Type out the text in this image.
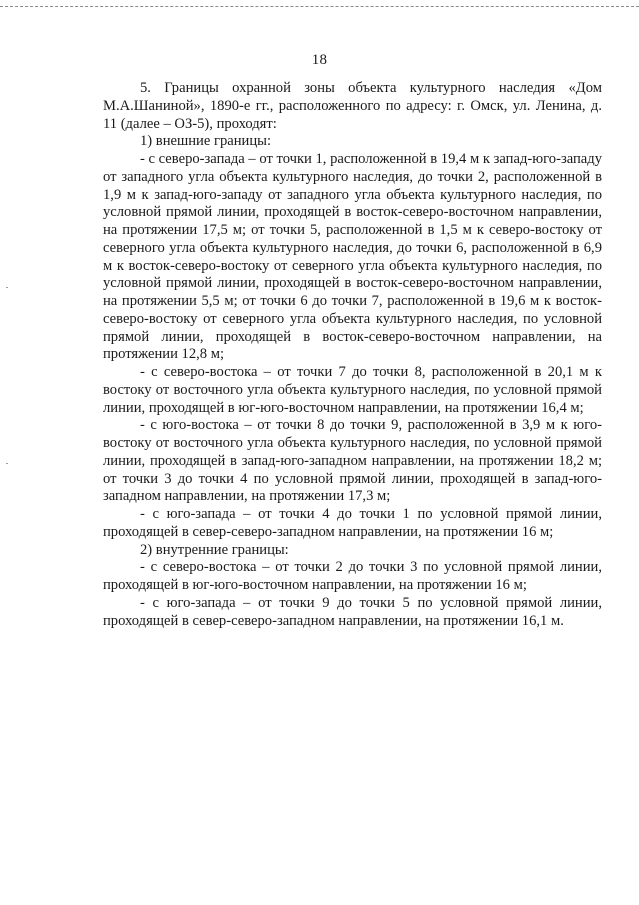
18

5. Границы охранной зоны объекта культурного наследия «Дом М.А.Шаниной», 1890-е гг., расположенного по адресу: г. Омск, ул. Ленина, д. 11 (далее – ОЗ-5), проходят:

1) внешние границы:

- с северо-запада – от точки 1, расположенной в 19,4 м к запад-юго-западу от западного угла объекта культурного наследия, до точки 2, расположенной в 1,9 м к запад-юго-западу от западного угла объекта культурного наследия, по условной прямой линии, проходящей в восток-северо-восточном направлении, на протяжении 17,5 м; от точки 5, расположенной в 1,5 м к северо-востоку от северного угла объекта культурного наследия, до точки 6, расположенной в 6,9 м к восток-северо-востоку от северного угла объекта культурного наследия, по условной прямой линии, проходящей в восток-северо-восточном направлении, на протяжении 5,5 м; от точки 6 до точки 7, расположенной в 19,6 м к восток-северо-востоку от северного угла объекта культурного наследия, по условной прямой линии, проходящей в восток-северо-восточном направлении, на протяжении 12,8 м;

- с северо-востока – от точки 7 до точки 8, расположенной в 20,1 м к востоку от восточного угла объекта культурного наследия, по условной прямой линии, проходящей в юг-юго-восточном направлении, на протяжении 16,4 м;

- с юго-востока – от точки 8 до точки 9, расположенной в 3,9 м к юго-востоку от восточного угла объекта культурного наследия, по условной прямой линии, проходящей в запад-юго-западном направлении, на протяжении 18,2 м; от точки 3 до точки 4 по условной прямой линии, проходящей в запад-юго-западном направлении, на протяжении 17,3 м;

- с юго-запада – от точки 4 до точки 1 по условной прямой линии, проходящей в север-северо-западном направлении, на протяжении 16 м;

2) внутренние границы:

- с северо-востока – от точки 2 до точки 3 по условной прямой линии, проходящей в юг-юго-восточном направлении, на протяжении 16 м;

- с юго-запада – от точки 9 до точки 5 по условной прямой линии, проходящей в север-северо-западном направлении, на протяжении 16,1 м.
